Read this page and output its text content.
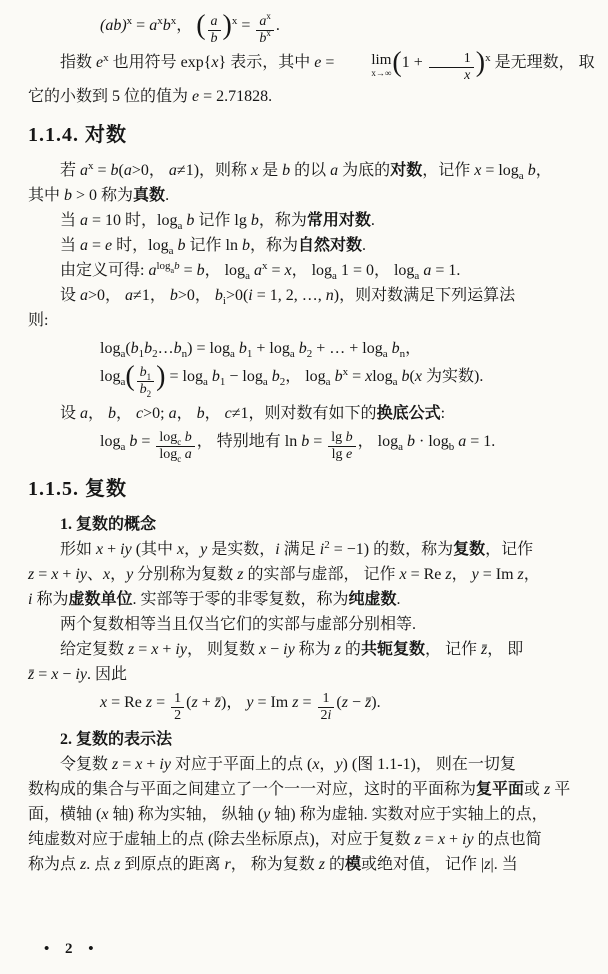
$(ab)^x = a^xb^x$， ( $\frac{a}{b} )^x = \frac{a^x}{b^x}$ .
指数 $e^x$ 也用符号 exp{x} 表示，其中 e =	lim
x→∞ $(1 + \frac{1}{x} )^x$ 是无理数， 取
它的小数到 5 位的值为 e = 2.71828.
1.1.4. 对数
若 $a^x = b(a>0$， a≠1)，则称 x 是 b 的以 a 为底的对数，记作 $x = \log_a b$，
其中 b > 0 称为真数.
当 a = 10 时，$\log_a b$ 记作 lg b，称为常用对数.
当 a = e 时，$\log_a b$ 记作 ln b，称为自然对数.
由定义可得: $a^{log_ab} = b$， $\log_a a^x = x$， $\log_a 1 = 0$， $\log_a a = 1$.
设 a>0， a≠1， b>0， $b_i>0(i = 1$, 2, …, n)，则对数满足下列运算法
则:
$\log_a(b_1b_2\dots b_n) = \log_a b_1 + \log_a b_2$ + … + $\log_a b_n$，
$\log_a( \frac{b_1}{b_2}$ ) = $\log_a b_1 - \log_a b_2$， $\log_a b^x = xlog_a$ b(x 为实数).
设 a， b， c>0; a， b， c≠1，则对数有如下的换底公式:
$\log_a b = \frac{\log_c b}{\log_c a}$ ， 特别地有 $\ln b = \frac{\text{lg b}}{\text{lg e}}$ ， $\log_a b \cdot \log_b a = 1$.
1.1.5. 复数
1. 复数的概念
形如 x + iy (其中 x，y 是实数，i 满足 $i^2 = -1$) 的数，称为复数，记作
z = x + iy、x，y 分别称为复数 z 的实部与虚部， 记作 x = Re z， y = Im z，
i 称为虚数单位. 实部等于零的非零复数，称为纯虚数.
两个复数相等当且仅当它们的实部与虚部分别相等.
给定复数 z = x + iy， 则复数 x − iy 称为 z 的共轭复数， 记作 z̄， 即
z̄ = x − iy. 因此
x = Re $z = \frac{1}{2} (z$ + z̄)， y = Im $z = \frac{1}{2i} (z$ − z̄).
2. 复数的表示法
令复数 z = x + iy 对应于平面上的点 (x，y) (图 1.1-1)， 则在一切复
数构成的集合与平面之间建立了一个一一对应，这时的平面称为复平面或 z 平
面，横轴 (x 轴) 称为实轴， 纵轴 (y 轴) 称为虚轴. 实数对应于实轴上的点，
纯虚数对应于虚轴上的点 (除去坐标原点)，对应于复数 z = x + iy 的点也简
称为点 z. 点 z 到原点的距离 r， 称为复数 z 的模或绝对值， 记作 |z|. 当
• 2 •
